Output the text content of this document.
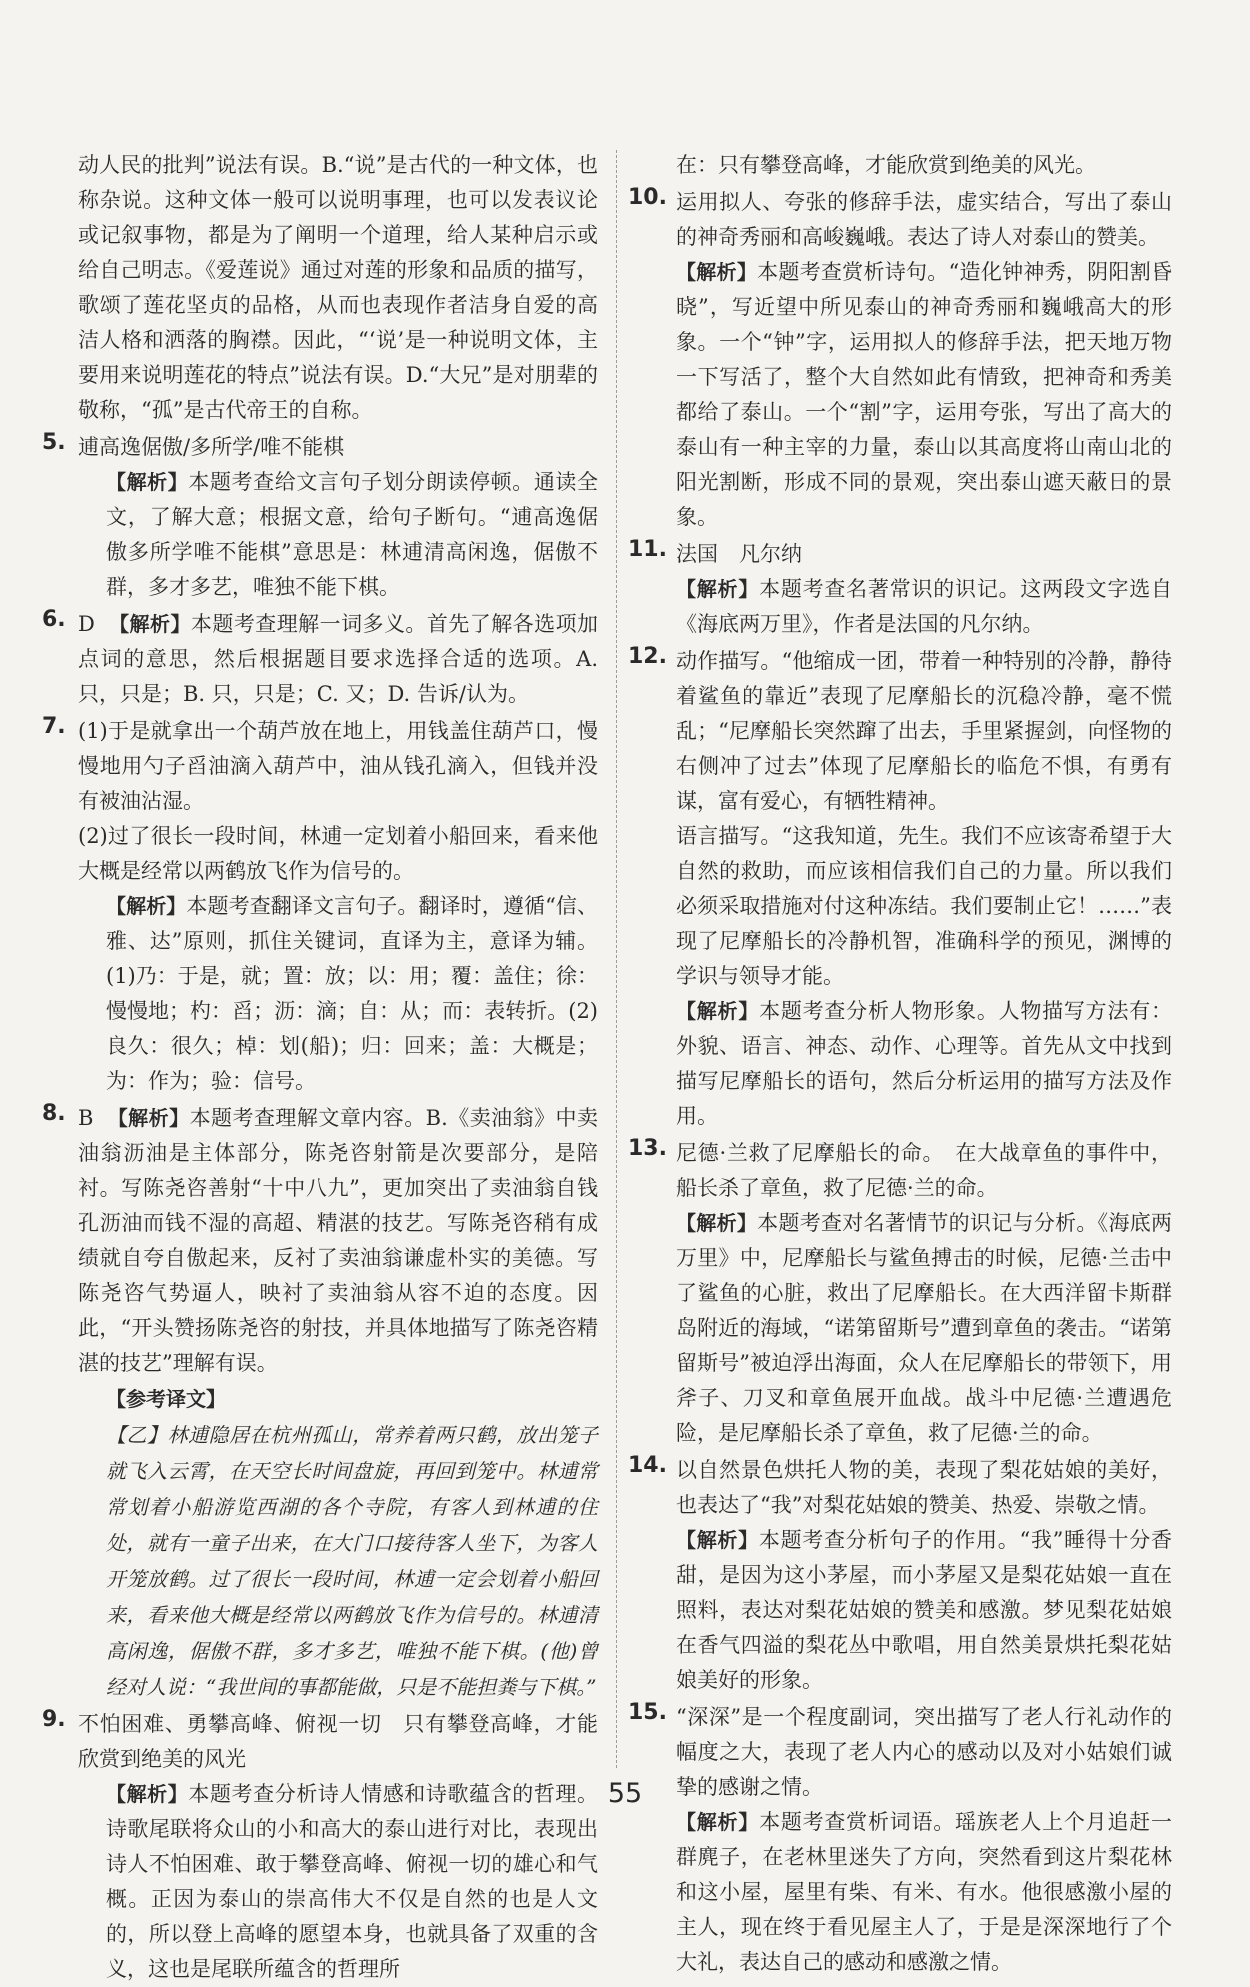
动人民的批判”说法有误。B.“说”是古代的一种文体，也称杂说。这种文体一般可以说明事理，也可以发表议论或记叙事物，都是为了阐明一个道理，给人某种启示或给自己明志。《爱莲说》通过对莲的形象和品质的描写，歌颂了莲花坚贞的品格，从而也表现作者洁身自爱的高洁人格和洒落的胸襟。因此，“‘说’是一种说明文体，主要用来说明莲花的特点”说法有误。D.“大兄”是对朋辈的敬称，“孤”是古代帝王的自称。

5. 逋高逸倨傲/多所学/唯不能棋

【解析】本题考查给文言句子划分朗读停顿。通读全文，了解大意；根据文意，给句子断句。“逋高逸倨傲多所学唯不能棋”意思是：林逋清高闲逸，倨傲不群，多才多艺，唯独不能下棋。

6. D 【解析】本题考查理解一词多义。首先了解各选项加点词的意思，然后根据题目要求选择合适的选项。A. 只，只是；B. 只，只是；C. 又；D. 告诉/认为。

7. (1)于是就拿出一个葫芦放在地上，用钱盖住葫芦口，慢慢地用勺子舀油滴入葫芦中，油从钱孔滴入，但钱并没有被油沾湿。

(2)过了很长一段时间，林逋一定划着小船回来，看来他大概是经常以两鹤放飞作为信号的。

【解析】本题考查翻译文言句子。翻译时，遵循“信、雅、达”原则，抓住关键词，直译为主，意译为辅。(1)乃：于是，就；置：放；以：用；覆：盖住；徐：慢慢地；杓：舀；沥：滴；自：从；而：表转折。(2)良久：很久；棹：划(船)；归：回来；盖：大概是；为：作为；验：信号。

8. B 【解析】本题考查理解文章内容。B.《卖油翁》中卖油翁沥油是主体部分，陈尧咨射箭是次要部分，是陪衬。写陈尧咨善射“十中八九”，更加突出了卖油翁自钱孔沥油而钱不湿的高超、精湛的技艺。写陈尧咨稍有成绩就自夸自傲起来，反衬了卖油翁谦虚朴实的美德。写陈尧咨气势逼人，映衬了卖油翁从容不迫的态度。因此，“开头赞扬陈尧咨的射技，并具体地描写了陈尧咨精湛的技艺”理解有误。

【参考译文】

【乙】林逋隐居在杭州孤山，常养着两只鹤，放出笼子就飞入云霄，在天空长时间盘旋，再回到笼中。林逋常常划着小船游览西湖的各个寺院，有客人到林逋的住处，就有一童子出来，在大门口接待客人坐下，为客人开笼放鹤。过了很长一段时间，林逋一定会划着小船回来，看来他大概是经常以两鹤放飞作为信号的。林逋清高闲逸，倨傲不群，多才多艺，唯独不能下棋。(他)曾经对人说：“我世间的事都能做，只是不能担粪与下棋。”

9. 不怕困难、勇攀高峰、俯视一切　只有攀登高峰，才能欣赏到绝美的风光

【解析】本题考查分析诗人情感和诗歌蕴含的哲理。诗歌尾联将众山的小和高大的泰山进行对比，表现出诗人不怕困难、敢于攀登高峰、俯视一切的雄心和气概。正因为泰山的崇高伟大不仅是自然的也是人文的，所以登上高峰的愿望本身，也就具备了双重的含义，这也是尾联所蕴含的哲理所

在：只有攀登高峰，才能欣赏到绝美的风光。

10. 运用拟人、夸张的修辞手法，虚实结合，写出了泰山的神奇秀丽和高峻巍峨。表达了诗人对泰山的赞美。

【解析】本题考查赏析诗句。“造化钟神秀，阴阳割昏晓”，写近望中所见泰山的神奇秀丽和巍峨高大的形象。一个“钟”字，运用拟人的修辞手法，把天地万物一下写活了，整个大自然如此有情致，把神奇和秀美都给了泰山。一个“割”字，运用夸张，写出了高大的泰山有一种主宰的力量，泰山以其高度将山南山北的阳光割断，形成不同的景观，突出泰山遮天蔽日的景象。

11. 法国　凡尔纳

【解析】本题考查名著常识的识记。这两段文字选自《海底两万里》，作者是法国的凡尔纳。

12. 动作描写。“他缩成一团，带着一种特别的冷静，静待着鲨鱼的靠近”表现了尼摩船长的沉稳冷静，毫不慌乱；“尼摩船长突然蹿了出去，手里紧握剑，向怪物的右侧冲了过去”体现了尼摩船长的临危不惧，有勇有谋，富有爱心，有牺牲精神。

语言描写。“这我知道，先生。我们不应该寄希望于大自然的救助，而应该相信我们自己的力量。所以我们必须采取措施对付这种冻结。我们要制止它！……”表现了尼摩船长的冷静机智，准确科学的预见，渊博的学识与领导才能。

【解析】本题考查分析人物形象。人物描写方法有：外貌、语言、神态、动作、心理等。首先从文中找到描写尼摩船长的语句，然后分析运用的描写方法及作用。

13. 尼德·兰救了尼摩船长的命。　在大战章鱼的事件中，船长杀了章鱼，救了尼德·兰的命。

【解析】本题考查对名著情节的识记与分析。《海底两万里》中，尼摩船长与鲨鱼搏击的时候，尼德·兰击中了鲨鱼的心脏，救出了尼摩船长。在大西洋留卡斯群岛附近的海域，“诺第留斯号”遭到章鱼的袭击。“诺第留斯号”被迫浮出海面，众人在尼摩船长的带领下，用斧子、刀叉和章鱼展开血战。战斗中尼德·兰遭遇危险，是尼摩船长杀了章鱼，救了尼德·兰的命。

14. 以自然景色烘托人物的美，表现了梨花姑娘的美好，也表达了“我”对梨花姑娘的赞美、热爱、崇敬之情。

【解析】本题考查分析句子的作用。“我”睡得十分香甜，是因为这小茅屋，而小茅屋又是梨花姑娘一直在照料，表达对梨花姑娘的赞美和感激。梦见梨花姑娘在香气四溢的梨花丛中歌唱，用自然美景烘托梨花姑娘美好的形象。

15. “深深”是一个程度副词，突出描写了老人行礼动作的幅度之大，表现了老人内心的感动以及对小姑娘们诚挚的感谢之情。

【解析】本题考查赏析词语。瑶族老人上个月追赶一群麂子，在老林里迷失了方向，突然看到这片梨花林和这小屋，屋里有柴、有米、有水。他很感激小屋的主人，现在终于看见屋主人了，于是是深深地行了个大礼，表达自己的感动和感激之情。

55
